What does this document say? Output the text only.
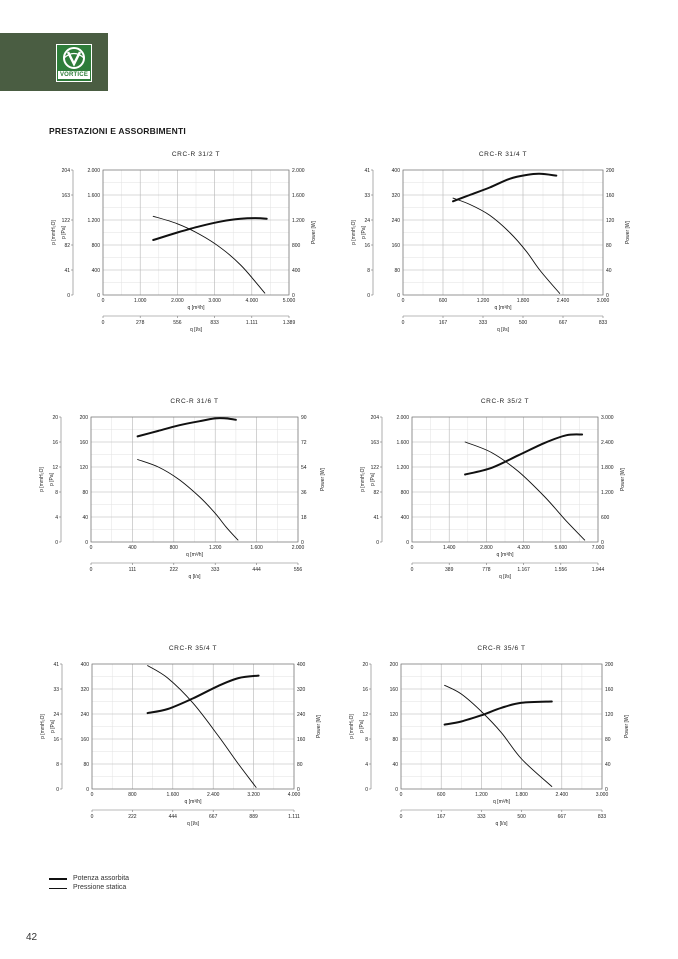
VORTICE
PRESTAZIONI E ASSORBIMENTI
CRC-R 31/2 T
0	1.000	2.000	3.000	4.000	5.000
q [m³/h]
0	278	556	833	1.111	1.389
q [l/s]
0
400
800
1.200
1.600
2.000
0
41
82
122
163
204
0
400
800
1.200
1.600
2.000
p [mmH₂O] p [Pa]	Power [W]
CRC-R 31/4 T
0	600	1.200	1.800	2.400	3.000
q [m³/h]
0	167	333	500	667	833
q [l/s]
0
80
160
240
320
400
0
8
16
24
33
41
0
40
80
120
160
200
p [mmH₂O] p [Pa]	Power [W]
CRC-R 31/6 T
0	400	800	1.200	1.600	2.000
q [m³/h]
0	111	222	333	444	556
q [l/s]
0
40
80
120
160
200
0
4
8
12
16
20
0
18
36
54
72
90
p [mmH₂O] p [Pa]	Power [W]
CRC-R 35/2 T
0	1.400	2.800	4.200	5.600	7.000
q [m³/h]
0	389	778	1.167	1.556	1.944
q [l/s]
0
400
800
1.200
1.600
2.000
0
41
82
122
163
204
0
600
1.200
1.800
2.400
3.000
p [mmH₂O] p [Pa]	Power [W]
CRC-R 35/4 T
0	800	1.600	2.400	3.200	4.000
q [m³/h]
0	222	444	667	889	1.111
q [l/s]
0
80
160
240
320
400
0
8
16
24
33
41
0
80
160
240
320
400
p [mmH₂O] p [Pa]	Power [W]
CRC-R 35/6 T
0	600	1.200	1.800	2.400	3.000
q [m³/h]
0	167	333	500	667	833
q [l/s]
0
40
80
120
160
200
0
4
8
12
16
20
0
40
80
120
160
200
p [mmH₂O] p [Pa]	Power [W]
Potenza assorbita
Pressione statica
42
